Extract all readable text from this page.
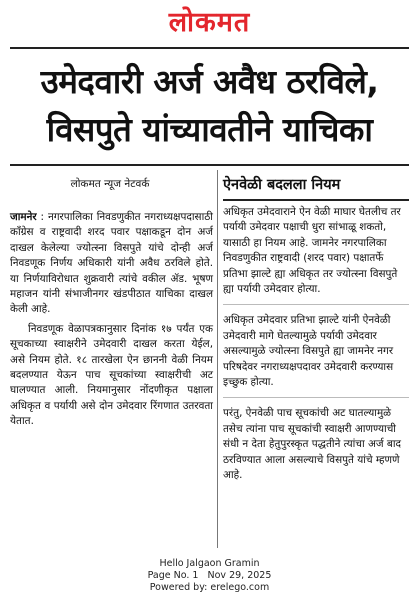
लोकमत
उमेदवारी अर्ज अवैध ठरविले,
विसपुते यांच्यावतीने याचिका
लोकमत न्यूज नेटवर्क

जामनेर : नगरपालिका निवडणुकीत नगराध्यक्षपदासाठी काँग्रेस व राष्ट्रवादी शरद पवार पक्षाकडून दोन अर्ज दाखल केलेल्या ज्योत्स्ना विसपुते यांचे दोन्ही अर्ज निवडणूक निर्णय अधिकारी यांनी अवैध ठरविले होते. या निर्णयाविरोधात शुक्रवारी त्यांचे वकील ॲड. भूषण महाजन यांनी संभाजीनगर खंडपीठात याचिका दाखल केली आहे.

निवडणूक वेळापत्रकानुसार दिनांक १७ पर्यंत एक सूचकाच्या स्वाक्षरीने उमेदवारी दाखल करता येईल, असे नियम होते. १८ तारखेला ऐन छाननी वेळी नियम बदलण्यात येऊन पाच सूचकांच्या स्वाक्षरीची अट घालण्यात आली. नियमानुसार नोंदणीकृत पक्षाला अधिकृत व पर्यायी असे दोन उमेदवार रिंगणात उतरवता येतात.

ऐनवेळी बदलला नियम

अधिकृत उमेदवाराने ऐन वेळी माघार घेतलीच तर पर्यायी उमेदवार पक्षाची धुरा सांभाळू शकतो, यासाठी हा नियम आहे. जामनेर नगरपालिका निवडणुकीत राष्ट्रवादी (शरद पवार) पक्षातर्फे प्रतिभा झाल्टे ह्या अधिकृत तर ज्योत्स्ना विसपुते ह्या पर्यायी उमेदवार होत्या.

अधिकृत उमेदवार प्रतिभा झाल्टे यांनी ऐनवेळी उमेदवारी मागे घेतल्यामुळे पर्यायी उमेदवार असल्यामुळे ज्योत्स्ना विसपुते ह्या जामनेर नगर परिषदेवर नगराध्यक्षपदावर उमेदवारी करण्यास इच्छुक होत्या.

परंतु, ऐनवेळी पाच सूचकांची अट घातल्यामुळे तसेच त्यांना पाच सूचकांची स्वाक्षरी आणण्याची संधी न देता हेतुपुरस्कृत पद्धतीने त्यांचा अर्ज बाद ठरविण्यात आला असल्याचे विसपुते यांचे म्हणणे आहे.

Hello Jalgaon Gramin
Page No. 1 Nov 29, 2025
Powered by: erelego.com
